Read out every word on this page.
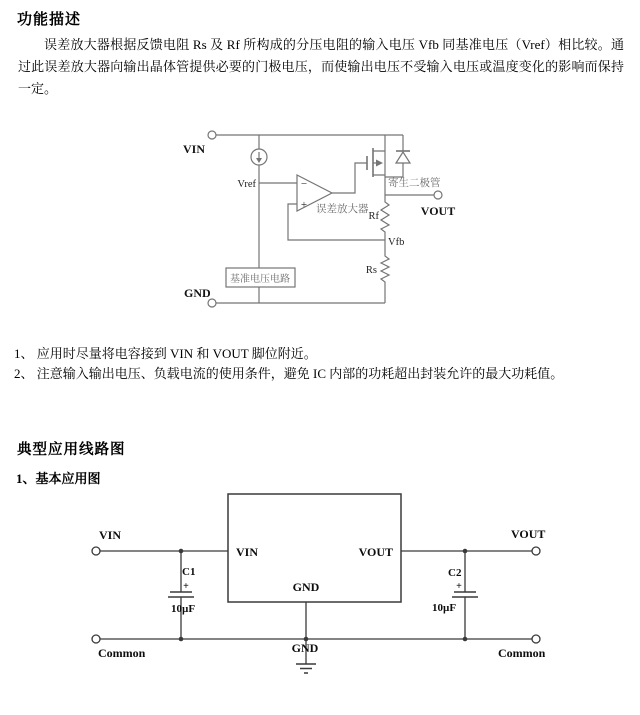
功能描述
误差放大器根据反馈电阻 Rs 及 Rf 所构成的分压电阻的输入电压 Vfb 同基准电压（Vref）相比较。通过此误差放大器向输出晶体管提供必要的门极电压，而使输出电压不受输入电压或温度变化的影响而保持一定。
−
+
基准电压电路
VIN
GND
VOUT
Vref
Rf
Vfb
Rs
误差放大器
寄生二极管
1、 应用时尽量将电容接到 VIN 和 VOUT 脚位附近。
2、 注意输入输出电压、负载电流的使用条件，避免 IC 内部的功耗超出封装允许的最大功耗值。
典型应用线路图
1、基本应用图
VIN	VOUT
Common	Common
VIN	VOUT
GND
GND
C1
+
10µF
C2
+
10µF
